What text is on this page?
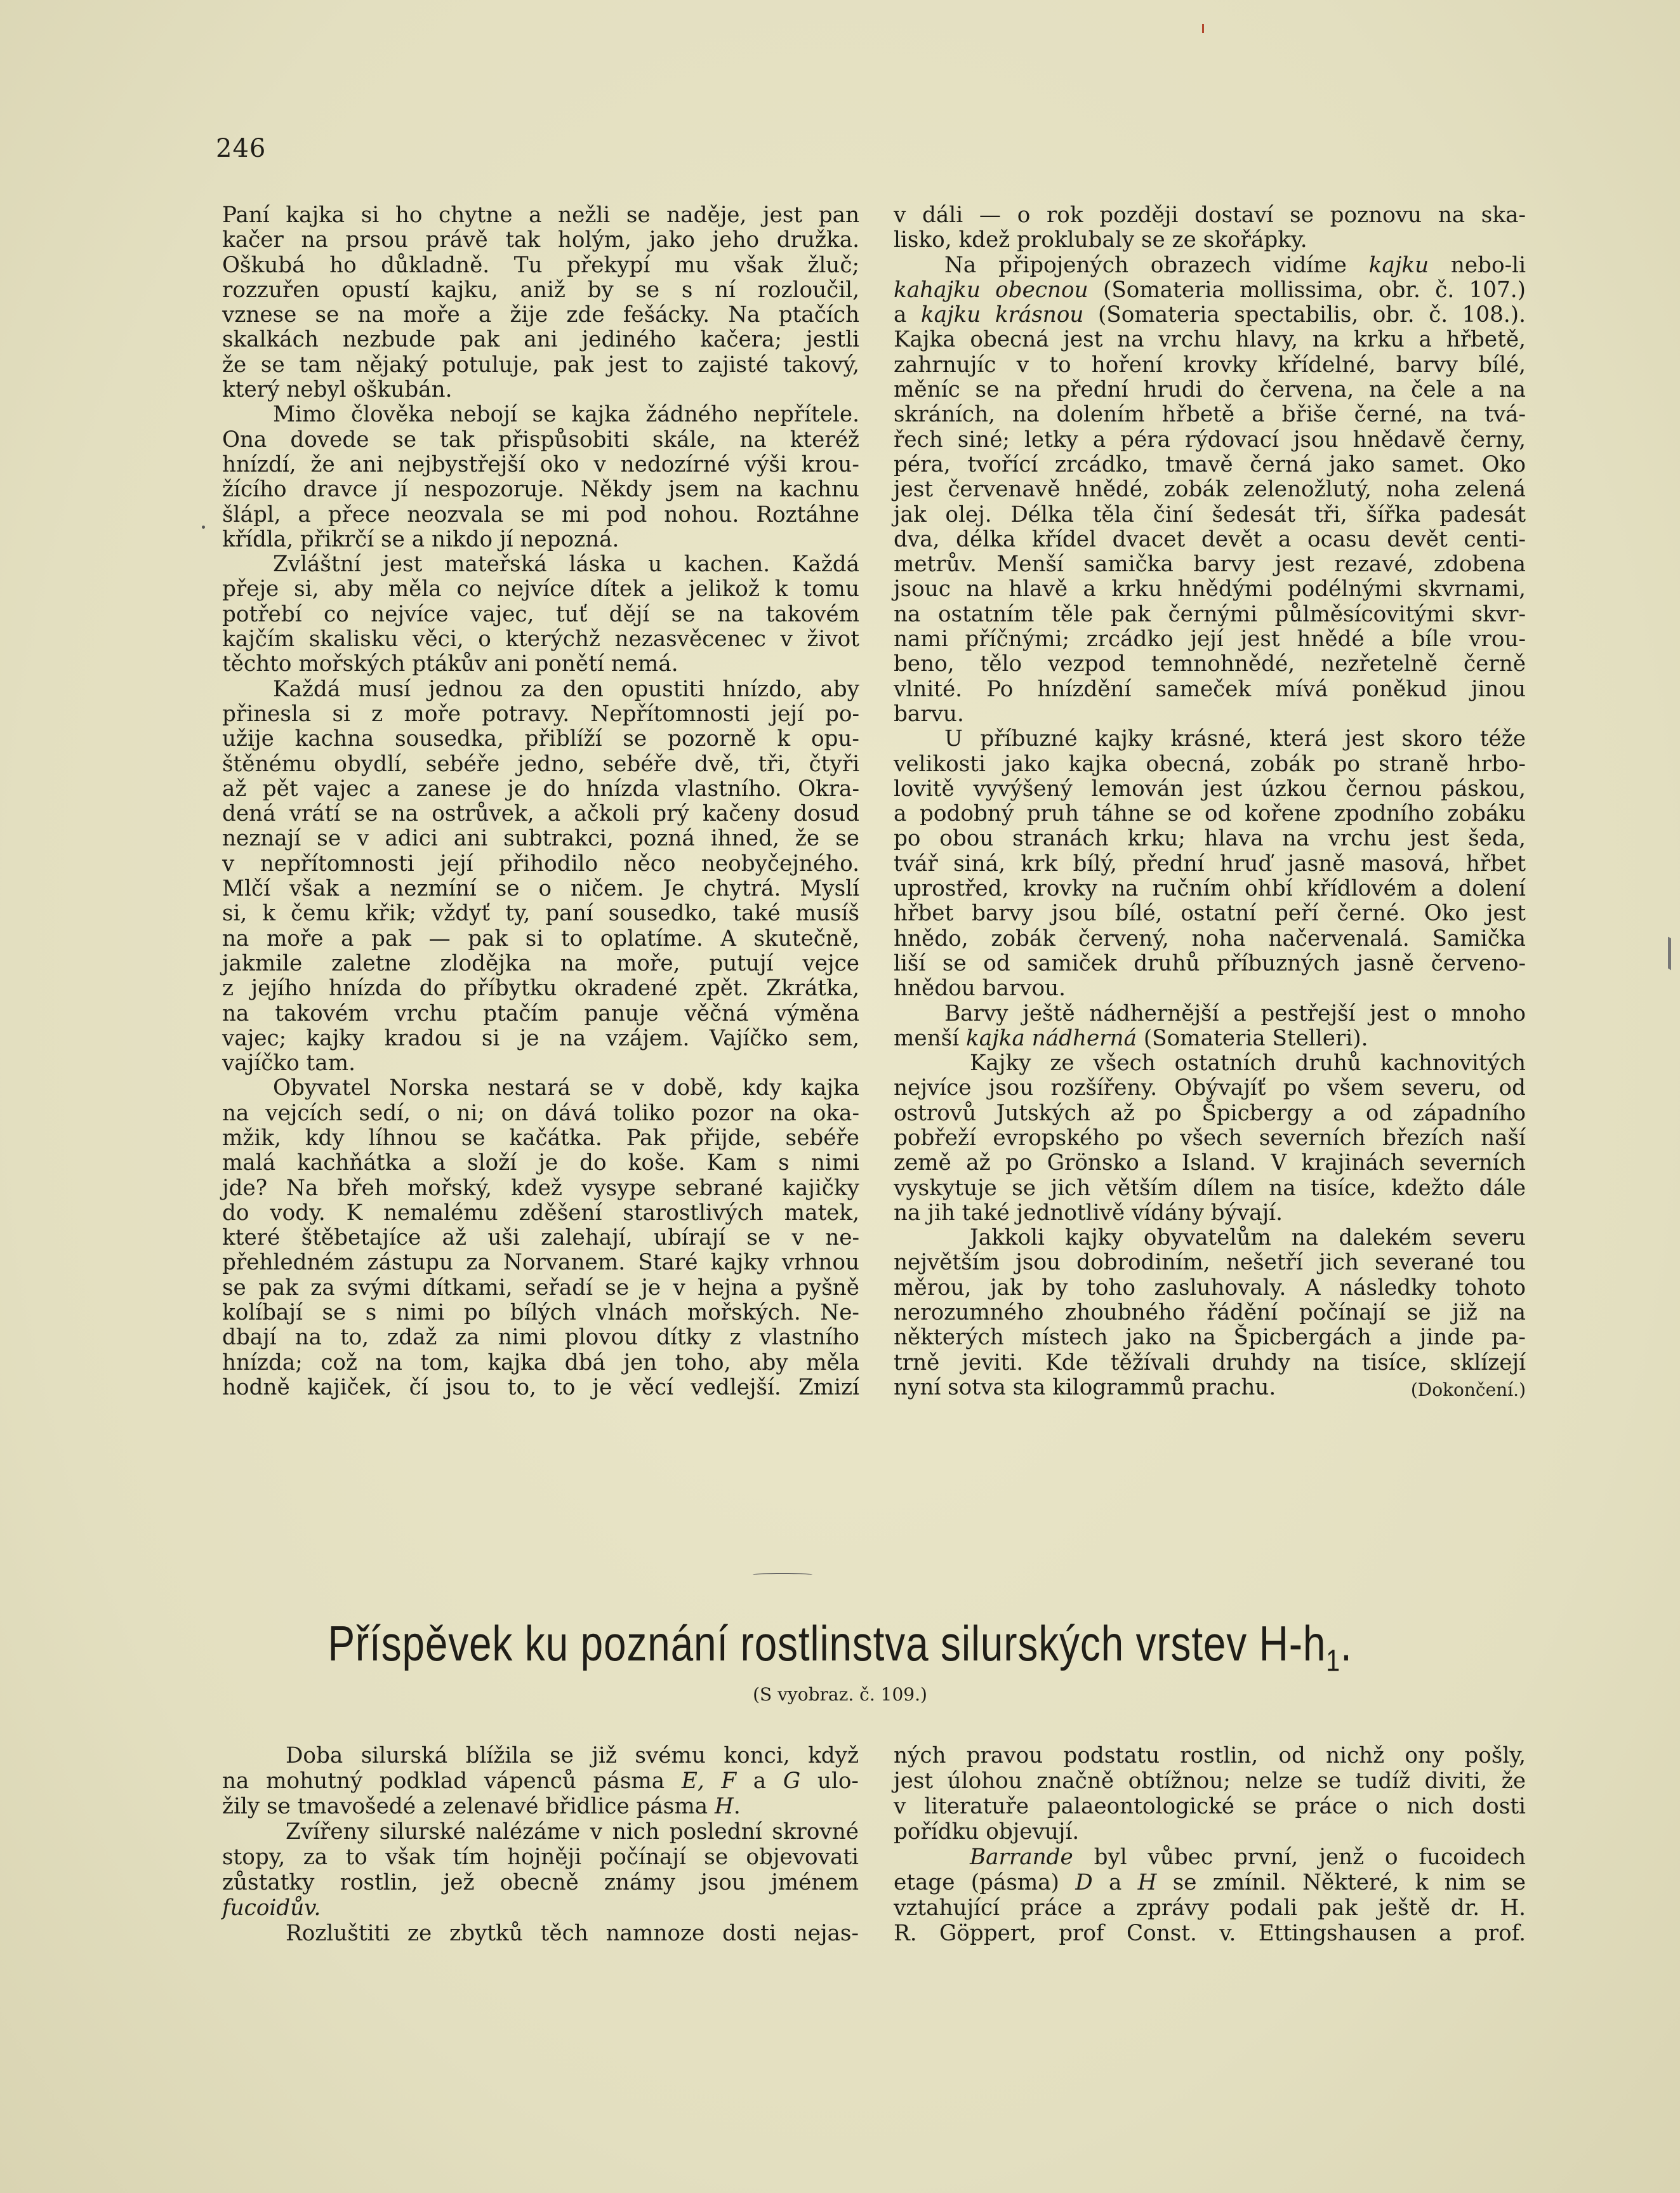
246
Paní kajka si ho chytne a nežli se naděje, jest pan
kačer na prsou právě tak holým, jako jeho družka.
Oškubá ho důkladně. Tu překypí mu však žluč;
rozzuřen opustí kajku, aniž by se s ní rozloučil,
vznese se na moře a žije zde fešácky. Na ptačích
skalkách nezbude pak ani jediného kačera; jestli
že se tam nějaký potuluje, pak jest to zajisté takový,
který nebyl oškubán.
Mimo člověka nebojí se kajka žádného nepřítele.
Ona dovede se tak přispůsobiti skále, na kteréž
hnízdí, že ani nejbystřejší oko v nedozírné výši krou-
žícího dravce jí nespozoruje. Někdy jsem na kachnu
šlápl, a přece neozvala se mi pod nohou. Roztáhne
křídla, přikrčí se a nikdo jí nepozná.
Zvláštní jest mateřská láska u kachen. Každá
přeje si, aby měla co nejvíce dítek a jelikož k tomu
potřebí co nejvíce vajec, tuť dějí se na takovém
kajčím skalisku věci, o kterýchž nezasvěcenec v život
těchto mořských ptákův ani ponětí nemá.
Každá musí jednou za den opustiti hnízdo, aby
přinesla si z moře potravy. Nepřítomnosti její po-
užije kachna sousedka, přiblíží se pozorně k opu-
štěnému obydlí, sebéře jedno, sebéře dvě, tři, čtyři
až pět vajec a zanese je do hnízda vlastního. Okra-
dená vrátí se na ostrůvek, a ačkoli prý kačeny dosud
neznají se v adici ani subtrakci, pozná ihned, že se
v nepřítomnosti její přihodilo něco neobyčejného.
Mlčí však a nezmíní se o ničem. Je chytrá. Myslí
si, k čemu křik; vždyť ty, paní sousedko, také musíš
na moře a pak — pak si to oplatíme. A skutečně,
jakmile zaletne zlodějka na moře, putují vejce
z jejího hnízda do příbytku okradené zpět. Zkrátka,
na takovém vrchu ptačím panuje věčná výměna
vajec; kajky kradou si je na vzájem. Vajíčko sem,
vajíčko tam.
Obyvatel Norska nestará se v době, kdy kajka
na vejcích sedí, o ni; on dává toliko pozor na oka-
mžik, kdy líhnou se kačátka. Pak přijde, sebéře
malá kachňátka a složí je do koše. Kam s nimi
jde? Na břeh mořský, kdež vysype sebrané kajičky
do vody. K nemalému zděšení starostlivých matek,
které štěbetajíce až uši zalehají, ubírají se v ne-
přehledném zástupu za Norvanem. Staré kajky vrhnou
se pak za svými dítkami, seřadí se je v hejna a pyšně
kolíbají se s nimi po bílých vlnách mořských. Ne-
dbají na to, zdaž za nimi plovou dítky z vlastního
hnízda; což na tom, kajka dbá jen toho, aby měla
hodně kajiček, čí jsou to, to je věcí vedlejší. Zmizí
v dáli — o rok později dostaví se poznovu na ska-
lisko, kdež proklubaly se ze skořápky.
Na připojených obrazech vidíme kajku nebo-li
kahajku obecnou (Somateria mollissima, obr. č. 107.)
a kajku krásnou (Somateria spectabilis, obr. č. 108.).
Kajka obecná jest na vrchu hlavy, na krku a hřbetě,
zahrnujíc v to hoření krovky křídelné, barvy bílé,
měníc se na přední hrudi do červena, na čele a na
skráních, na dolením hřbetě a břiše černé, na tvá-
řech siné; letky a péra rýdovací jsou hnědavě černy,
péra, tvořící zrcádko, tmavě černá jako samet. Oko
jest červenavě hnědé, zobák zelenožlutý, noha zelená
jak olej. Délka těla činí šedesát tři, šířka padesát
dva, délka křídel dvacet devět a ocasu devět centi-
metrův. Menší samička barvy jest rezavé, zdobena
jsouc na hlavě a krku hnědými podélnými skvrnami,
na ostatním těle pak černými půlměsícovitými skvr-
nami příčnými; zrcádko její jest hnědé a bíle vrou-
beno, tělo vezpod temnohnědé, nezřetelně černě
vlnité. Po hnízdění sameček mívá poněkud jinou
barvu.
U příbuzné kajky krásné, která jest skoro téže
velikosti jako kajka obecná, zobák po straně hrbo-
lovitě vyvýšený lemován jest úzkou černou páskou,
a podobný pruh táhne se od kořene zpodního zobáku
po obou stranách krku; hlava na vrchu jest šeda,
tvář siná, krk bílý, přední hruď jasně masová, hřbet
uprostřed, krovky na ručním ohbí křídlovém a dolení
hřbet barvy jsou bílé, ostatní peří černé. Oko jest
hnědo, zobák červený, noha načervenalá. Samička
liší se od samiček druhů příbuzných jasně červeno-
hnědou barvou.
Barvy ještě nádhernější a pestřejší jest o mnoho
menší kajka nádherná (Somateria Stelleri).
Kajky ze všech ostatních druhů kachnovitých
nejvíce jsou rozšířeny. Obývajíť po všem severu, od
ostrovů Jutských až po Špicbergy a od západního
pobřeží evropského po všech severních březích naší
země až po Grönsko a Island. V krajinách severních
vyskytuje se jich větším dílem na tisíce, kdežto dále
na jih také jednotlivě vídány bývají.
Jakkoli kajky obyvatelům na dalekém severu
největším jsou dobrodiním, nešetří jich severané tou
měrou, jak by toho zasluhovaly. A následky tohoto
nerozumného zhoubného řádění počínají se již na
některých místech jako na Špicbergách a jinde pa-
trně jeviti. Kde těžívali druhdy na tisíce, sklízejí
nyní sotva sta kilogrammů prachu.	(Dokončení.)
Příspěvek ku poznání rostlinstva silurských vrstev $H-h_1$.
(S vyobraz. č. 109.)
Doba silurská blížila se již svému konci, když
na mohutný podklad vápenců pásma E, F a G ulo-
žily se tmavošedé a zelenavé břidlice pásma H.
Zvířeny silurské nalézáme v nich poslední skrovné
stopy, za to však tím hojněji počínají se objevovati
zůstatky rostlin, jež obecně známy jsou jménem
fucoidův.
Rozluštiti ze zbytků těch namnoze dosti nejas-
ných pravou podstatu rostlin, od nichž ony pošly,
jest úlohou značně obtížnou; nelze se tudíž diviti, že
v literatuře palaeontologické se práce o nich dosti
pořídku objevují.
Barrande byl vůbec první, jenž o fucoidech
etage (pásma) D a H se zmínil. Některé, k nim se
vztahující práce a zprávy podali pak ještě dr. H.
R. Göppert, prof Const. v. Ettingshausen a prof.
